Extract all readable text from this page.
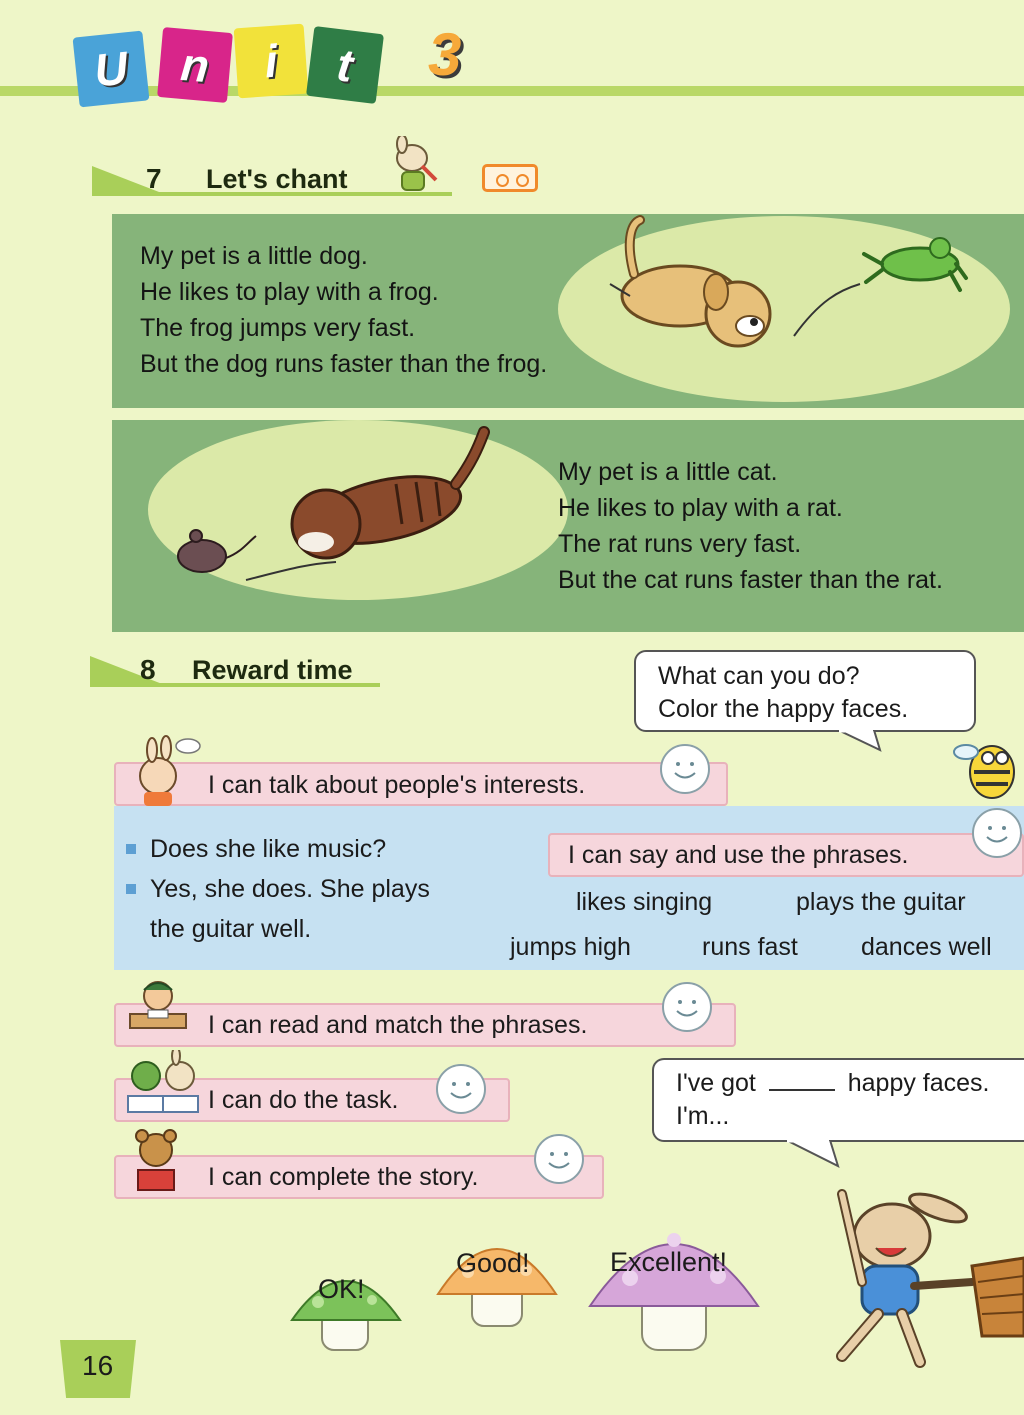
U n i t 3
7 Let's chant
My pet is a little dog.
He likes to play with a frog.
The frog jumps very fast.
But the dog runs faster than the frog.
My pet is a little cat.
He likes to play with a rat.
The rat runs very fast.
But the cat runs faster than the rat.
8 Reward time	What can you do?
Color the happy faces.
I can talk about people's interests.
Does she like music?
Yes, she does. She plays
the guitar well.
I can say and use the phrases.
likes singing	plays the guitar
jumps high	runs fast	dances well
I can read and match the phrases.
I can do the task.
I can complete the story.
I've got	happy faces.
I'm...
OK!
Good!	Excellent!
16
